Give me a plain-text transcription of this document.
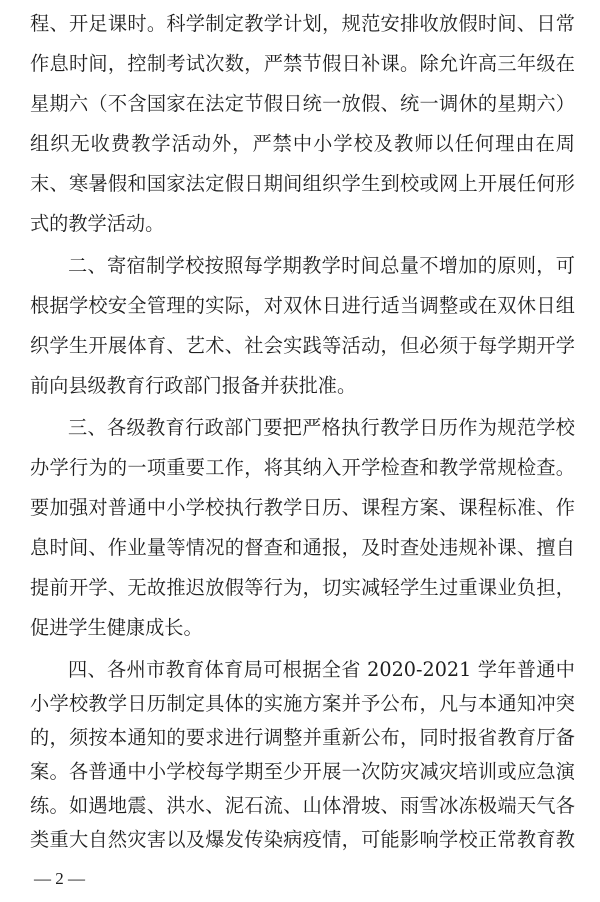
程、开足课时。科学制定教学计划，规范安排收放假时间、日常
作息时间，控制考试次数，严禁节假日补课。除允许高三年级在
星期六（不含国家在法定节假日统一放假、统一调休的星期六）
组织无收费教学活动外，严禁中小学校及教师以任何理由在周
末、寒暑假和国家法定假日期间组织学生到校或网上开展任何形
式的教学活动。
二、寄宿制学校按照每学期教学时间总量不增加的原则，可
根据学校安全管理的实际，对双休日进行适当调整或在双休日组
织学生开展体育、艺术、社会实践等活动，但必须于每学期开学
前向县级教育行政部门报备并获批准。
三、各级教育行政部门要把严格执行教学日历作为规范学校
办学行为的一项重要工作，将其纳入开学检查和教学常规检查。
要加强对普通中小学校执行教学日历、课程方案、课程标准、作
息时间、作业量等情况的督查和通报，及时查处违规补课、擅自
提前开学、无故推迟放假等行为，切实减轻学生过重课业负担，
促进学生健康成长。
四、各州市教育体育局可根据全省 2020-2021 学年普通中
小学校教学日历制定具体的实施方案并予公布，凡与本通知冲突
的，须按本通知的要求进行调整并重新公布，同时报省教育厅备
案。各普通中小学校每学期至少开展一次防灾减灾培训或应急演
练。如遇地震、洪水、泥石流、山体滑坡、雨雪冰冻极端天气各
— 2 —
类重大自然灾害以及爆发传染病疫情，可能影响学校正常教育教
